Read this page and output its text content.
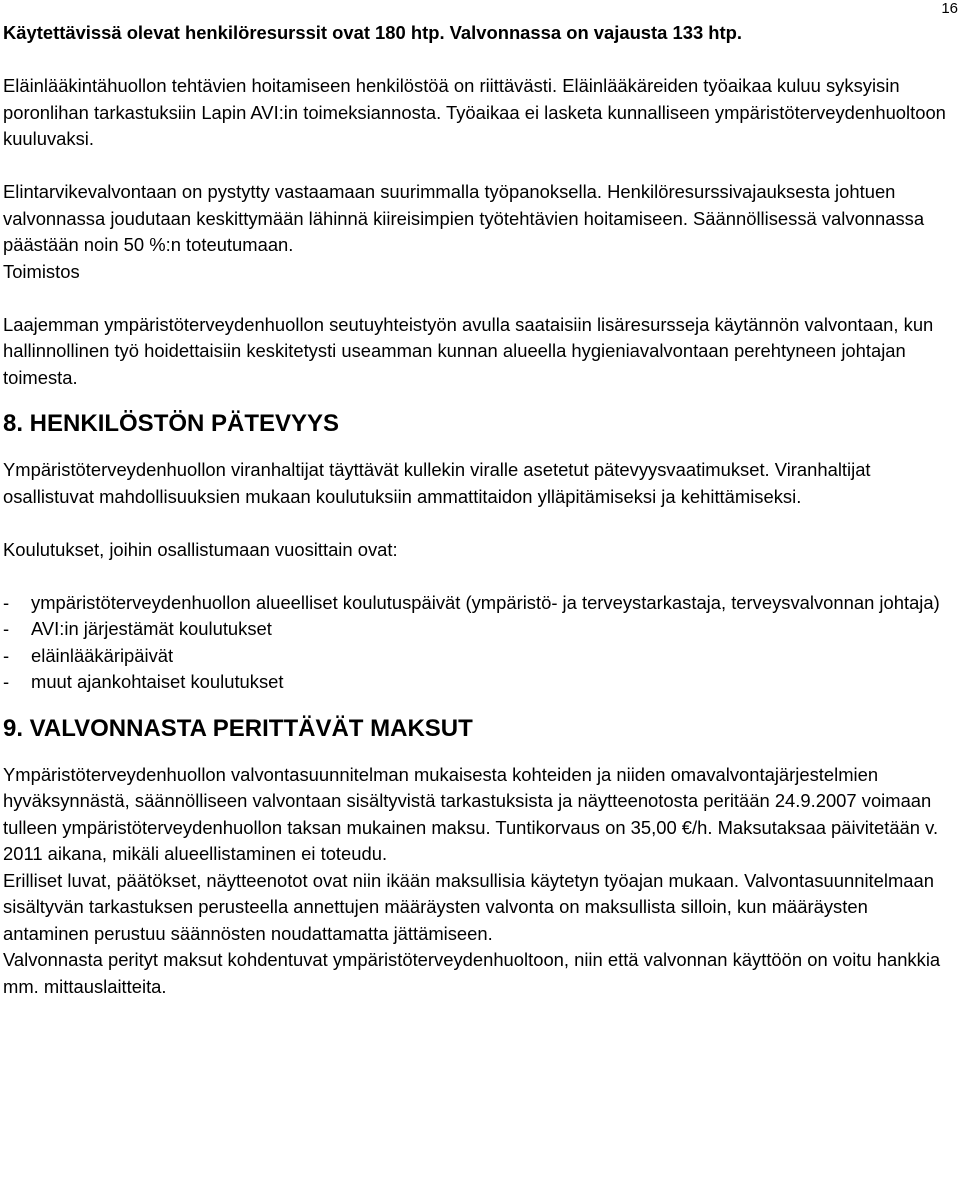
16

Käytettävissä olevat henkilöresurssit ovat 180 htp. Valvonnassa on vajausta 133 htp.

Eläinlääkintähuollon tehtävien hoitamiseen henkilöstöä on riittävästi. Eläinlääkäreiden työaikaa kuluu syksyisin poronlihan tarkastuksiin Lapin AVI:in toimeksiannosta. Työaikaa ei lasketa kunnalliseen ympäristöterveydenhuoltoon kuuluvaksi.

Elintarvikevalvontaan on pystytty vastaamaan suurimmalla työpanoksella. Henkilöresurssivajauksesta johtuen valvonnassa joudutaan keskittymään lähinnä kiireisimpien työtehtävien hoitamiseen. Säännöllisessä valvonnassa päästään noin 50 %:n toteutumaan.

Toimistos

Laajemman ympäristöterveydenhuollon seutuyhteistyön avulla saataisiin lisäresursseja käytännön valvontaan, kun hallinnollinen työ hoidettaisiin keskitetysti useamman kunnan alueella hygieniavalvontaan perehtyneen johtajan toimesta.

8. HENKILÖSTÖN PÄTEVYYS

Ympäristöterveydenhuollon viranhaltijat täyttävät kullekin viralle asetetut pätevyysvaatimukset. Viranhaltijat osallistuvat mahdollisuuksien mukaan koulutuksiin ammattitaidon ylläpitämiseksi ja kehittämiseksi.

Koulutukset, joihin osallistumaan vuosittain ovat:

- ympäristöterveydenhuollon alueelliset koulutuspäivät (ympäristö- ja terveystarkastaja, terveysvalvonnan johtaja)
- AVI:in järjestämät koulutukset
- eläinlääkäripäivät
- muut ajankohtaiset koulutukset
9. VALVONNASTA PERITTÄVÄT MAKSUT

Ympäristöterveydenhuollon valvontasuunnitelman mukaisesta kohteiden ja niiden omavalvontajärjestelmien hyväksynnästä, säännölliseen valvontaan sisältyvistä tarkastuksista ja näytteenotosta peritään 24.9.2007 voimaan tulleen ympäristöterveydenhuollon taksan mukainen maksu. Tuntikorvaus on 35,00 €/h. Maksutaksaa päivitetään v. 2011 aikana, mikäli alueellistaminen ei toteudu.

Erilliset luvat, päätökset, näytteenotot ovat niin ikään maksullisia käytetyn työajan mukaan. Valvontasuunnitelmaan sisältyvän tarkastuksen perusteella annettujen määräysten valvonta on maksullista silloin, kun määräysten antaminen perustuu säännösten noudattamatta jättämiseen.

Valvonnasta perityt maksut kohdentuvat ympäristöterveydenhuoltoon, niin että valvonnan käyttöön on voitu hankkia mm. mittauslaitteita.
